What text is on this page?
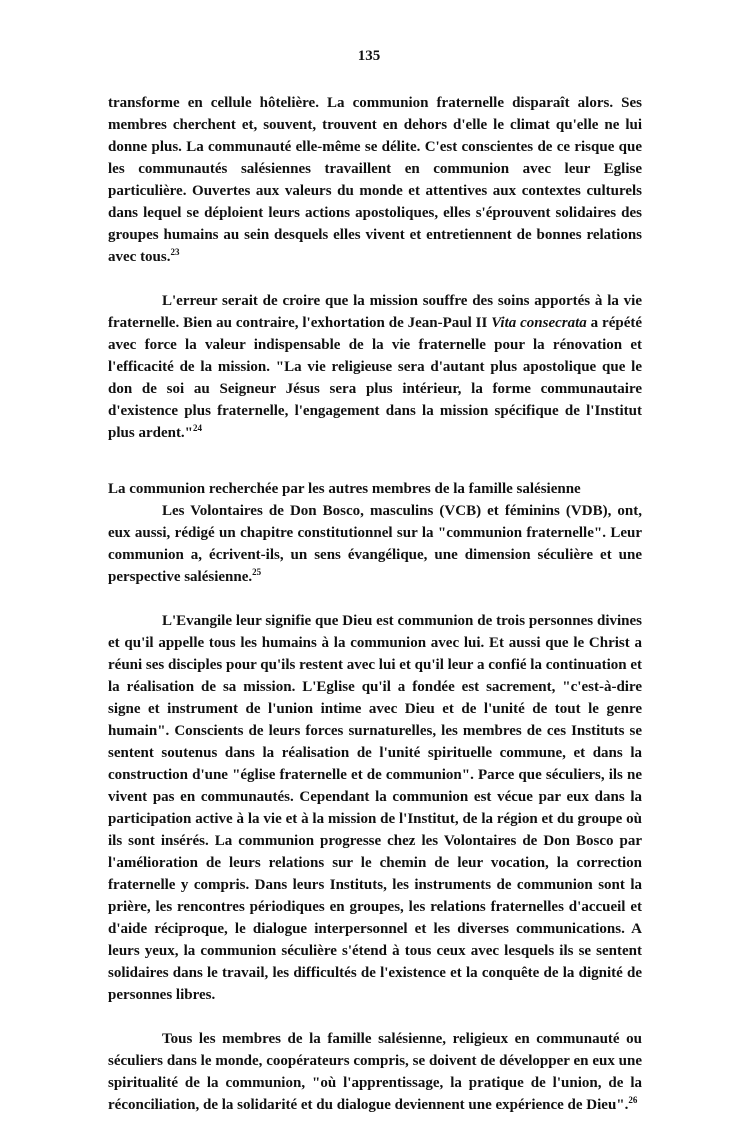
135

transforme en cellule hôtelière. La communion fraternelle disparaît alors. Ses membres cherchent et, souvent, trouvent en dehors d'elle le climat qu'elle ne lui donne plus. La communauté elle-même se délite. C'est conscientes de ce risque que les communautés salésiennes travaillent en communion avec leur Eglise particulière. Ouvertes aux valeurs du monde et attentives aux contextes culturels dans lequel se déploient leurs actions apostoliques, elles s'éprouvent solidaires des groupes humains au sein desquels elles vivent et entretiennent de bonnes relations avec tous.$^{23}$

L'erreur serait de croire que la mission souffre des soins apportés à la vie fraternelle. Bien au contraire, l'exhortation de Jean-Paul II Vita consecrata a répété avec force la valeur indispensable de la vie fraternelle pour la rénovation et l'efficacité de la mission. "La vie religieuse sera d'autant plus apostolique que le don de soi au Seigneur Jésus sera plus intérieur, la forme communautaire d'existence plus fraternelle, l'engagement dans la mission spécifique de l'Institut plus ardent."$^{24}$

La communion recherchée par les autres membres de la famille salésienne

Les Volontaires de Don Bosco, masculins (VCB) et féminins (VDB), ont, eux aussi, rédigé un chapitre constitutionnel sur la "communion fraternelle". Leur communion a, écrivent-ils, un sens évangélique, une dimension séculière et une perspective salésienne.$^{25}$

L'Evangile leur signifie que Dieu est communion de trois personnes divines et qu'il appelle tous les humains à la communion avec lui. Et aussi que le Christ a réuni ses disciples pour qu'ils restent avec lui et qu'il leur a confié la continuation et la réalisation de sa mission. L'Eglise qu'il a fondée est sacrement, "c'est-à-dire signe et instrument de l'union intime avec Dieu et de l'unité de tout le genre humain". Conscients de leurs forces surnaturelles, les membres de ces Instituts se sentent soutenus dans la réalisation de l'unité spirituelle commune, et dans la construction d'une "église fraternelle et de communion". Parce que séculiers, ils ne vivent pas en communautés. Cependant la communion est vécue par eux dans la participation active à la vie et à la mission de l'Institut, de la région et du groupe où ils sont insérés. La communion progresse chez les Volontaires de Don Bosco par l'amélioration de leurs relations sur le chemin de leur vocation, la correction fraternelle y compris. Dans leurs Instituts, les instruments de communion sont la prière, les rencontres périodiques en groupes, les relations fraternelles d'accueil et d'aide réciproque, le dialogue interpersonnel et les diverses communications. A leurs yeux, la communion séculière s'étend à tous ceux avec lesquels ils se sentent solidaires dans le travail, les difficultés de l'existence et la conquête de la dignité de personnes libres.

Tous les membres de la famille salésienne, religieux en communauté ou séculiers dans le monde, coopérateurs compris, se doivent de développer en eux une spiritualité de la communion, "où l'apprentissage, la pratique de l'union, de la réconciliation, de la solidarité et du dialogue deviennent une expérience de Dieu".$^{26}$
